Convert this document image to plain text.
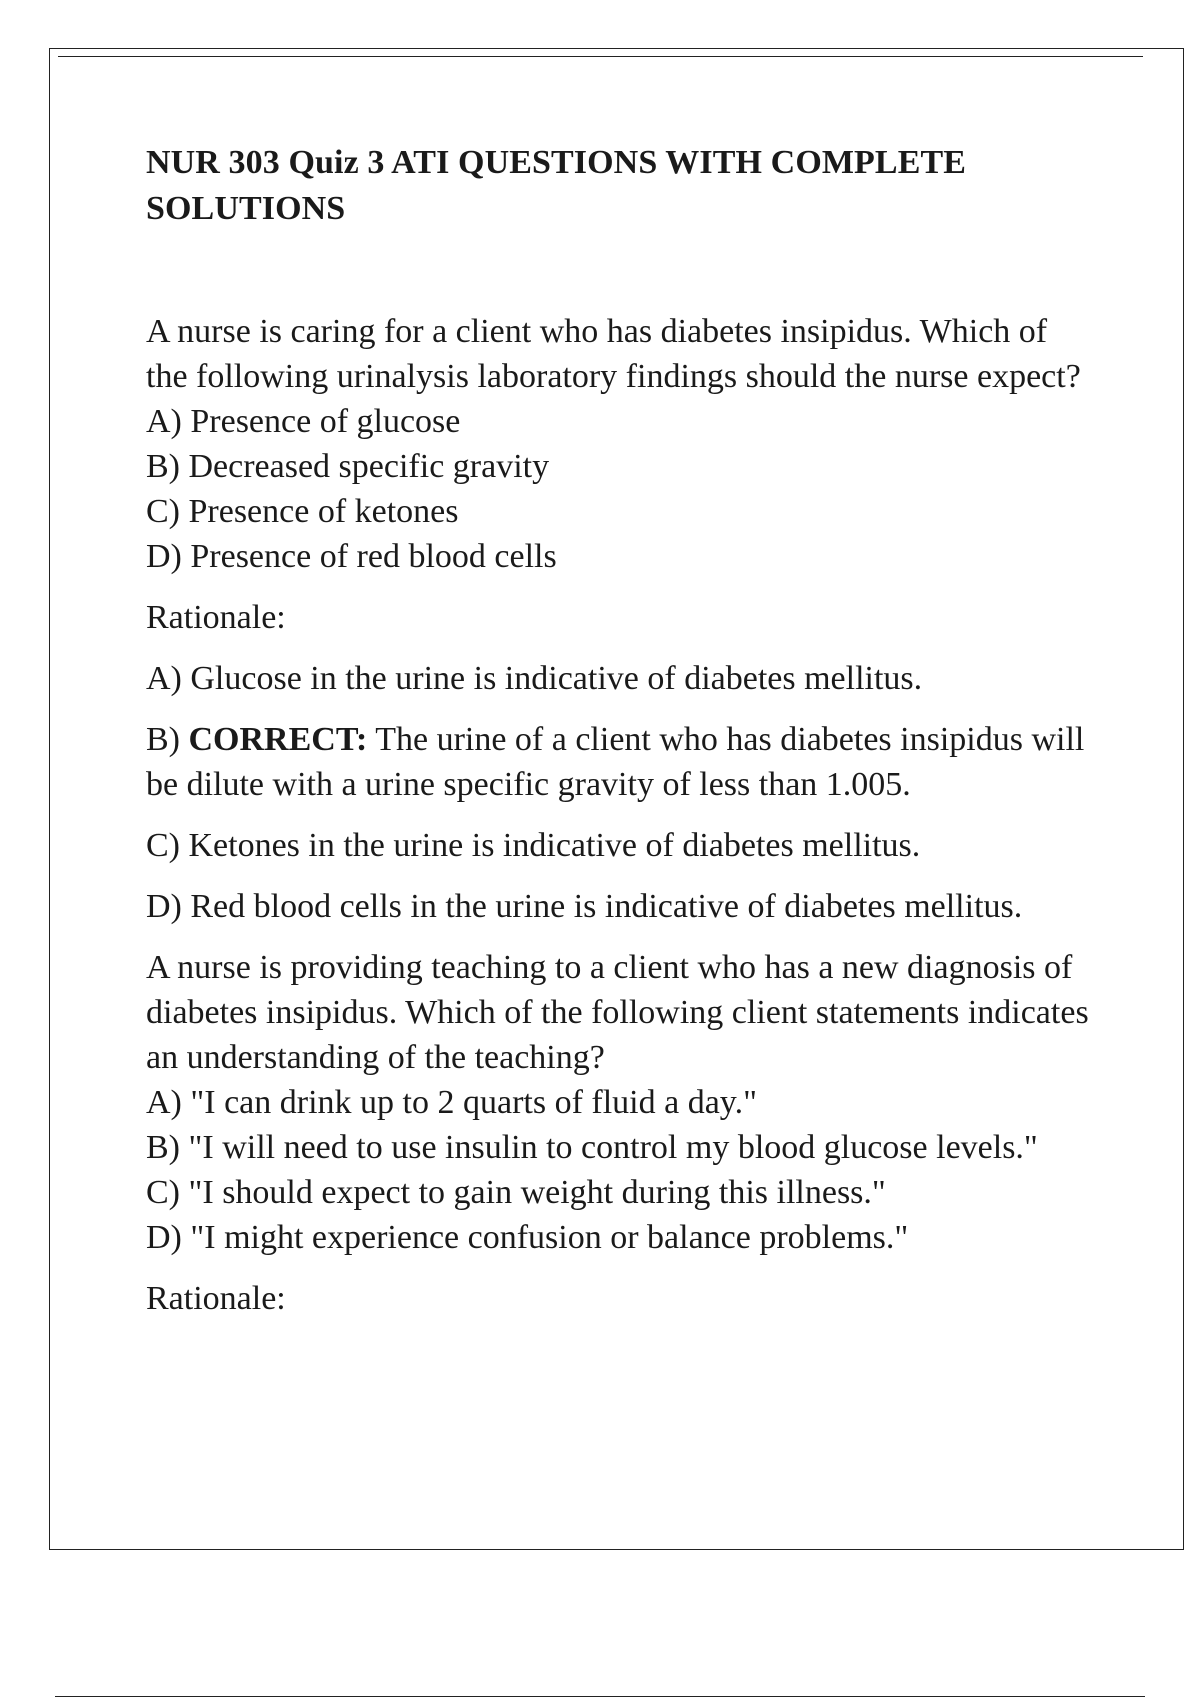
NUR 303 Quiz 3 ATI QUESTIONS WITH COMPLETE SOLUTIONS

A nurse is caring for a client who has diabetes insipidus. Which of the following urinalysis laboratory findings should the nurse expect?

A) Presence of glucose

B) Decreased specific gravity

C) Presence of ketones

D) Presence of red blood cells

Rationale:

A) Glucose in the urine is indicative of diabetes mellitus.

B) CORRECT: The urine of a client who has diabetes insipidus will be dilute with a urine specific gravity of less than 1.005.

C) Ketones in the urine is indicative of diabetes mellitus.

D) Red blood cells in the urine is indicative of diabetes mellitus.

A nurse is providing teaching to a client who has a new diagnosis of diabetes insipidus. Which of the following client statements indicates an understanding of the teaching?

A) "I can drink up to 2 quarts of fluid a day."

B) "I will need to use insulin to control my blood glucose levels."

C) "I should expect to gain weight during this illness."

D) "I might experience confusion or balance problems."

Rationale:
